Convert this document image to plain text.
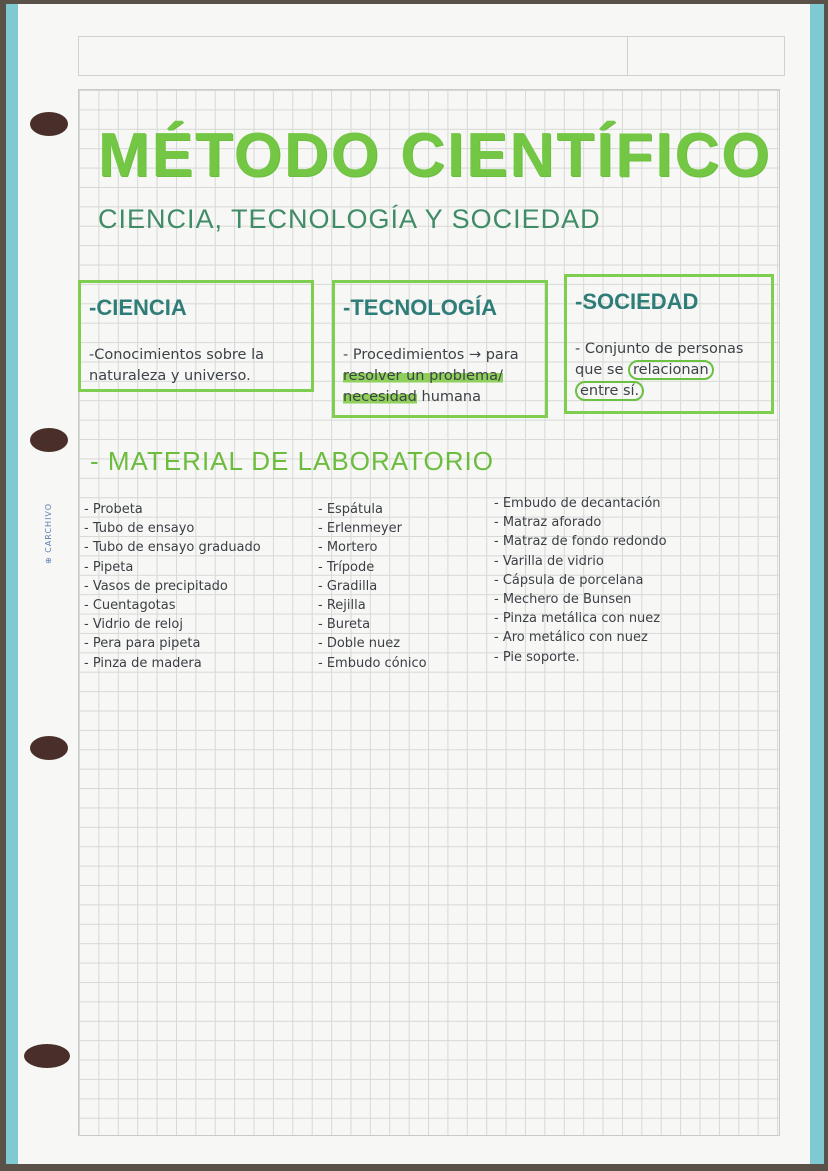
⊕ CARCHIVO
MÉTODO CIENTÍFICO
CIENCIA, TECNOLOGÍA Y SOCIEDAD
-CIENCIA
-Conocimientos sobre la naturaleza y universo.
-TECNOLOGÍA
- Procedimientos → para
resolver un problema/
necesidad humana
-SOCIEDAD
- Conjunto de personas
que se relacionan
entre sí.
- MATERIAL DE LABORATORIO
- Probeta
- Tubo de ensayo
- Tubo de ensayo graduado
- Pipeta
- Vasos de precipitado
- Cuentagotas
- Vidrio de reloj
- Pera para pipeta
- Pinza de madera
- Espátula
- Erlenmeyer
- Mortero
- Trípode
- Gradilla
- Rejilla
- Bureta
- Doble nuez
- Embudo cónico
- Embudo de decantación
- Matraz aforado
- Matraz de fondo redondo
- Varilla de vidrio
- Cápsula de porcelana
- Mechero de Bunsen
- Pinza metálica con nuez
- Aro metálico con nuez
- Pie soporte.
